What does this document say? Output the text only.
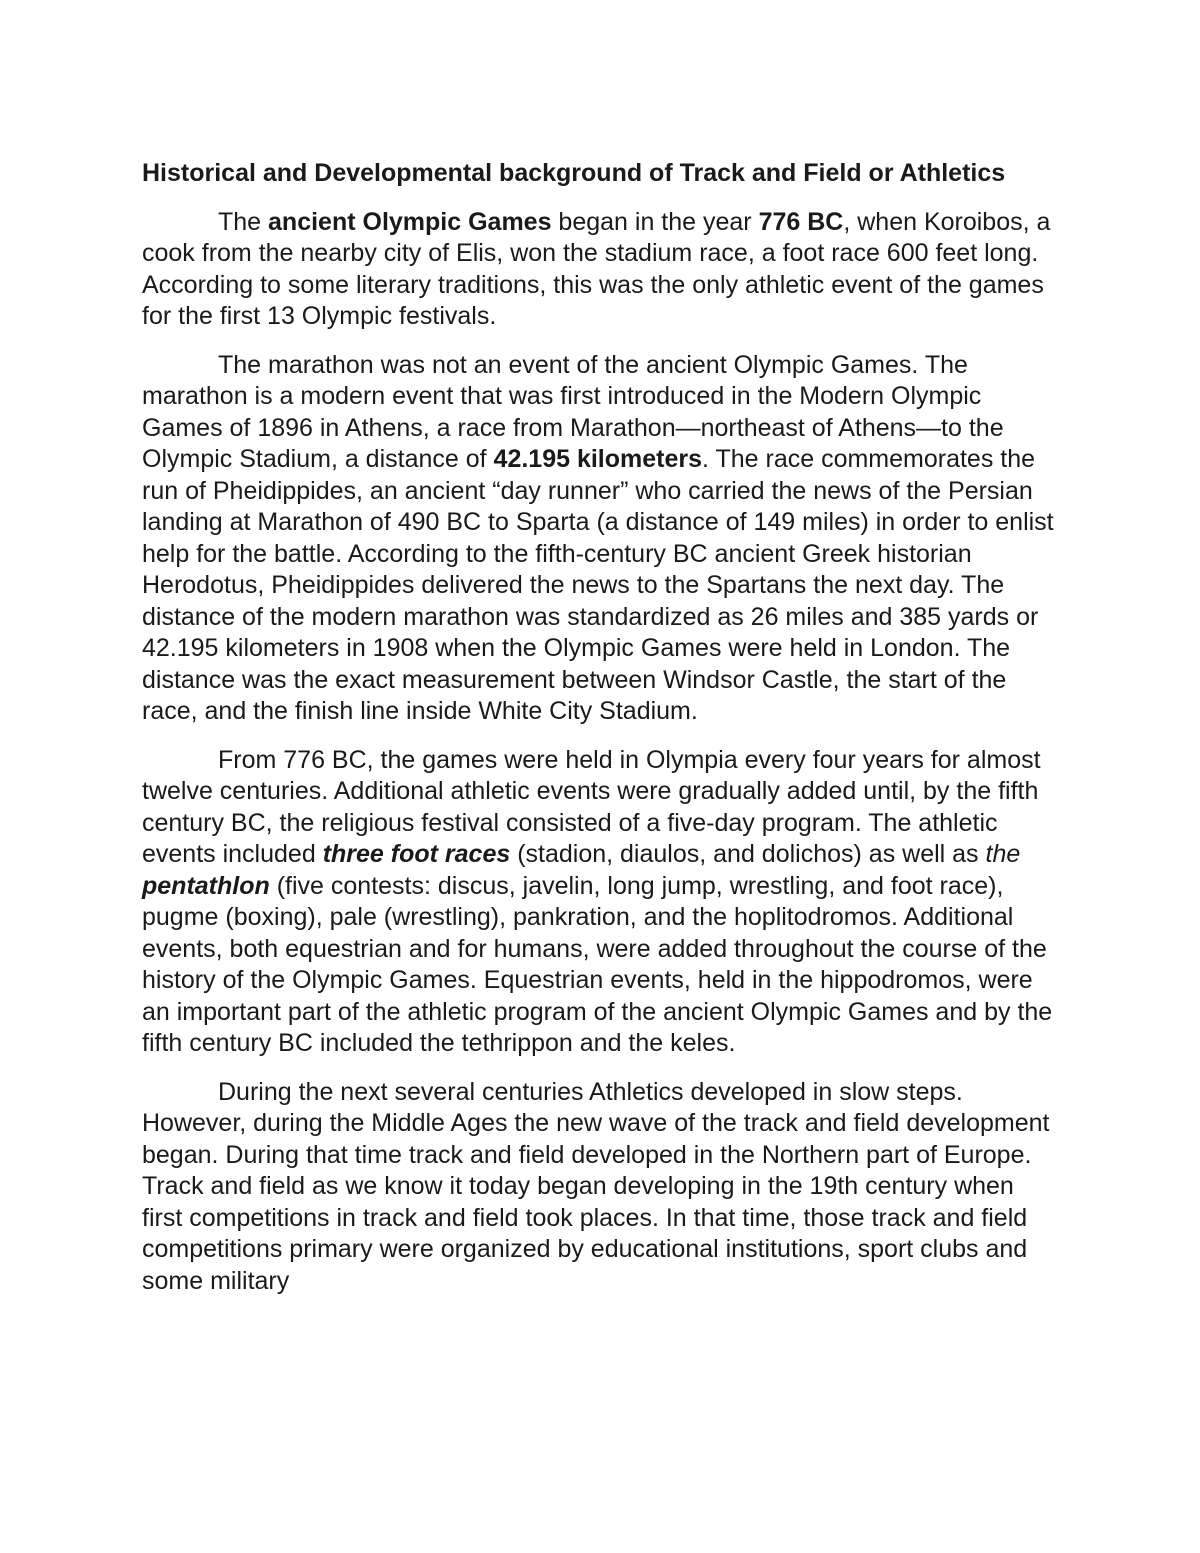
Historical and Developmental background of Track and Field or Athletics

The ancient Olympic Games began in the year 776 BC, when Koroibos, a cook from the nearby city of Elis, won the stadium race, a foot race 600 feet long. According to some literary traditions, this was the only athletic event of the games for the first 13 Olympic festivals.

The marathon was not an event of the ancient Olympic Games. The marathon is a modern event that was first introduced in the Modern Olympic Games of 1896 in Athens, a race from Marathon—northeast of Athens—to the Olympic Stadium, a distance of 42.195 kilometers. The race commemorates the run of Pheidippides, an ancient “day runner” who carried the news of the Persian landing at Marathon of 490 BC to Sparta (a distance of 149 miles) in order to enlist help for the battle. According to the fifth-century BC ancient Greek historian Herodotus, Pheidippides delivered the news to the Spartans the next day. The distance of the modern marathon was standardized as 26 miles and 385 yards or 42.195 kilometers in 1908 when the Olympic Games were held in London. The distance was the exact measurement between Windsor Castle, the start of the race, and the finish line inside White City Stadium.

From 776 BC, the games were held in Olympia every four years for almost twelve centuries. Additional athletic events were gradually added until, by the fifth century BC, the religious festival consisted of a five-day program. The athletic events included three foot races (stadion, diaulos, and dolichos) as well as the pentathlon (five contests: discus, javelin, long jump, wrestling, and foot race), pugme (boxing), pale (wrestling), pankration, and the hoplitodromos. Additional events, both equestrian and for humans, were added throughout the course of the history of the Olympic Games. Equestrian events, held in the hippodromos, were an important part of the athletic program of the ancient Olympic Games and by the fifth century BC included the tethrippon and the keles.

During the next several centuries Athletics developed in slow steps. However, during the Middle Ages the new wave of the track and field development began. During that time track and field developed in the Northern part of Europe. Track and field as we know it today began developing in the 19th century when first competitions in track and field took places. In that time, those track and field competitions primary were organized by educational institutions, sport clubs and some military
